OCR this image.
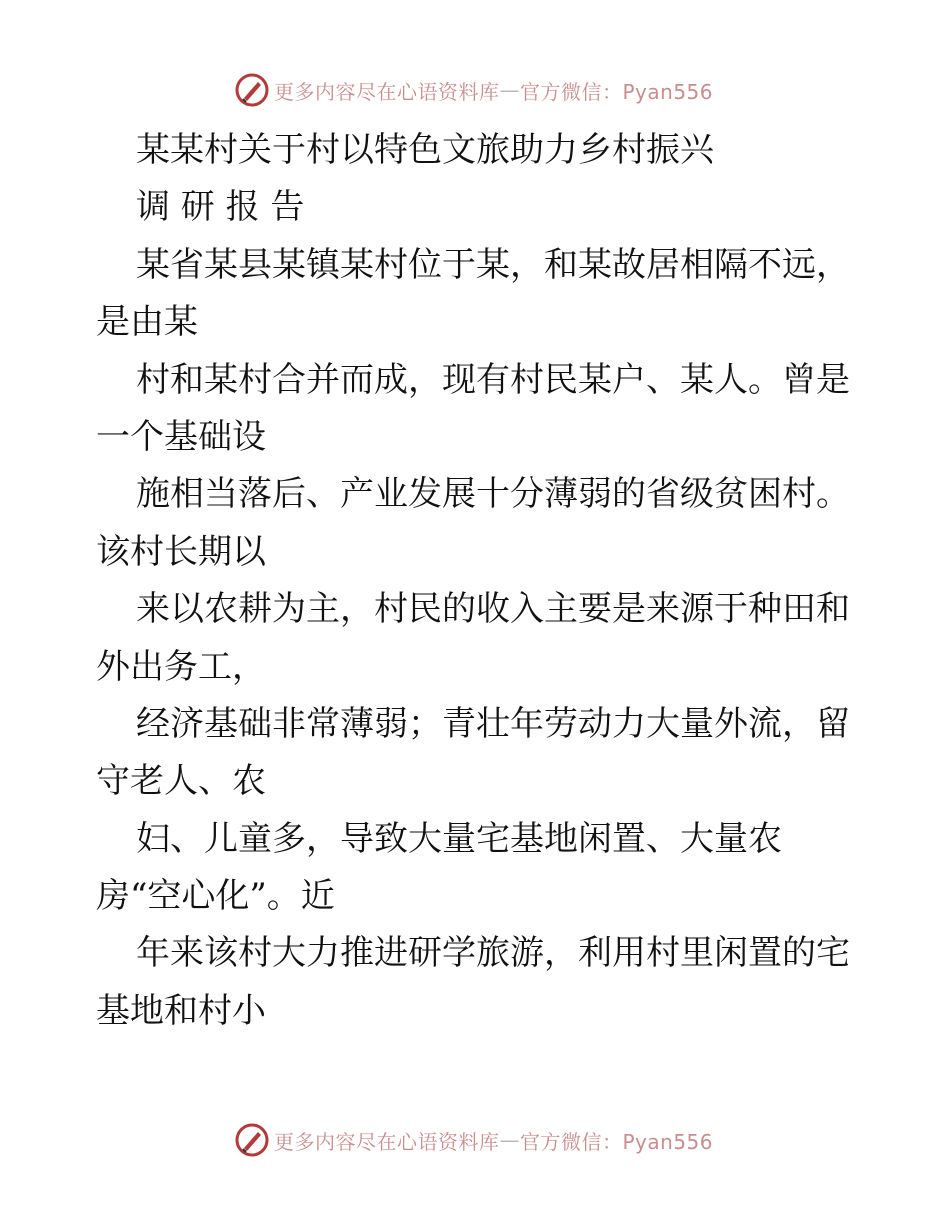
更多内容尽在心语资料库 — 官方微信：Pyan556
某某村关于村以特色文旅助力乡村振兴
调 研 报 告
某省某县某镇某村位于某，和某故居相隔不远，
是由某
村和某村合并而成，现有村民某户、某人。曾是
一个基础设
施相当落后、产业发展十分薄弱的省级贫困村。
该村长期以
来以农耕为主，村民的收入主要是来源于种田和
外出务工，
经济基础非常薄弱；青壮年劳动力大量外流，留
守老人、农
妇、儿童多，导致大量宅基地闲置、大量农
房“空心化”。近
年来该村大力推进研学旅游，利用村里闲置的宅
基地和村小
更多内容尽在心语资料库 — 官方微信：Pyan556
